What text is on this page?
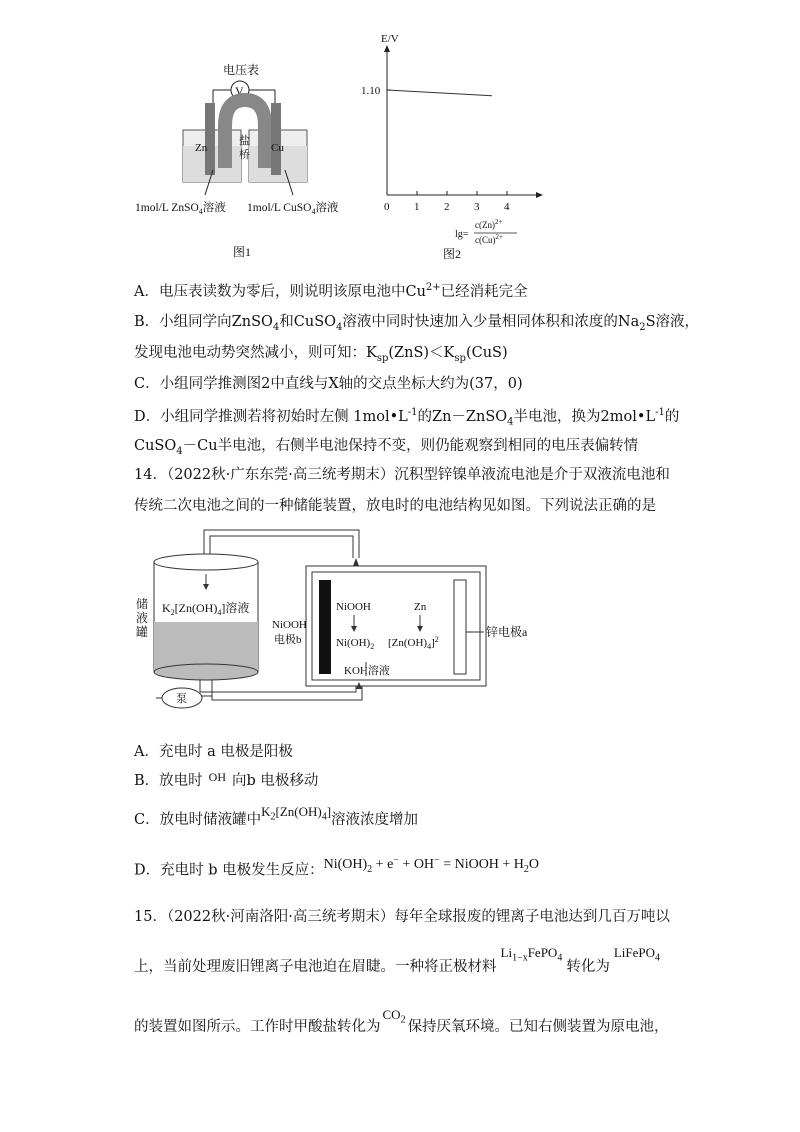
电压表
V
盐
桥
Zn	Cu
1mol/L ZnSO$_4$溶液 1mol/L CuSO$_4$溶液
图1
E/V
1.10
0 1 2 3 4
lg=
$c(Zn)^{2+}$
$c(Cu)^{2+}$
图2
A．电压表读数为零后，则说明该原电池中$Cu^{2+}$已经消耗完全
B．小组同学向ZnSO$_4$和CuSO$_4$溶液中同时快速加入少量相同体积和浓度的$Na_2S$溶液，
发现电池电动势突然减小，则可知：$K_{sp}(ZnS)<K_{sp}(CuS)$
C．小组同学推测图2中直线与X轴的交点坐标大约为(37，0)
D．小组同学推测若将初始时左侧 $1mol•L^{-1}$的Zn－ZnSO$_4$半电池，换为$2mol•L^{-1}$的
CuSO$_4$－Cu半电池，右侧半电池保持不变，则仍能观察到相同的电压表偏转情
14．（2022秋·广东东莞·高三统考期末）沉积型锌镍单液流电池是介于双液流电池和
传统二次电池之间的一种储能装置，放电时的电池结构见如图。下列说法正确的是
$K_2[Zn(OH)_4]$溶液
储
液
罐	NiOOH
电极b
NiOOH
$Ni(OH)_2$
Zn
$[Zn(OH)_4]^2$
锌电极a
KOH溶液
泵
A．充电时 a 电极是阳极
B．放电时 $^{OH}$ 向b 电极移动
C．放电时储液罐中$K_2[Zn(OH)_4]$溶液浓度增加
D．充电时 b 电极发生反应：$Ni(OH)_2 + e^- + OH^-$ = NiOOH + $H_2O$
15．（2022秋·河南洛阳·高三统考期末）每年全球报废的锂离子电池达到几百万吨以
上，当前处理废旧锂离子电池迫在眉睫。一种将正极材料$Li_{1-x}FePO_4$转化为LiFePO$_4$
的装置如图所示。工作时甲酸盐转化为$CO_2$ 保持厌氧环境。已知右侧装置为原电池，
